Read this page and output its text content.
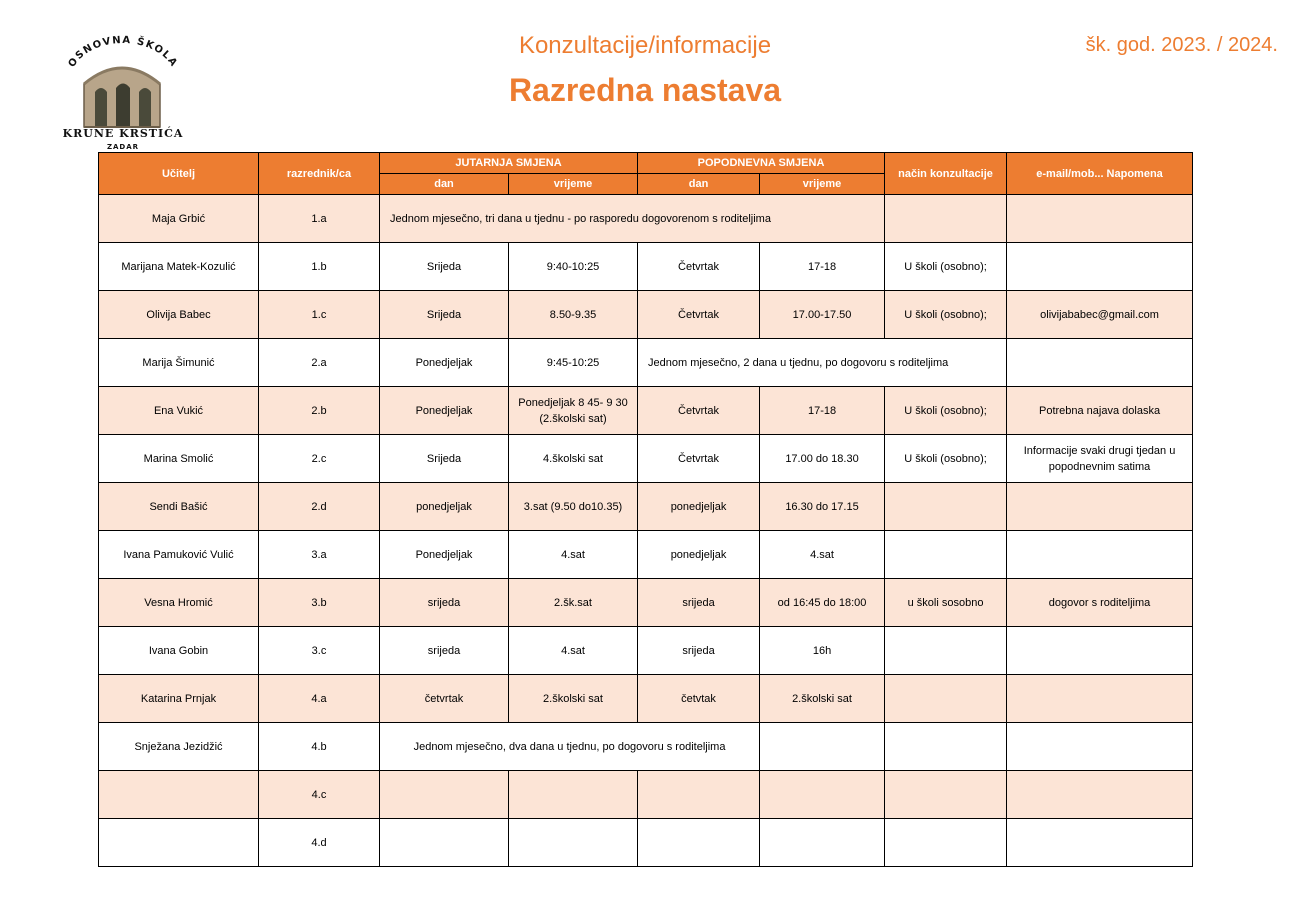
OSNOVNA ŠKOLA
KRUNE KRSTIĆA
ZADAR
Konzultacije/informacije
Razredna nastava
šk. god. 2023. / 2024.
Učitelj	razrednik/ca	JUTARNJA SMJENA		POPODNEVNA SMJENA		način konzultacije	e-mail/mob... Napomena
		dan	vrijeme	dan	vrijeme		
Maja Grbić	1.a	Jednom mjesečno, tri dana u tjednu - po rasporedu dogovorenom s roditeljima					
Marijana Matek-Kozulić	1.b	Srijeda	9:40-10:25	Četvrtak	17-18	U školi (osobno);	
Olivija Babec	1.c	Srijeda	8.50-9.35	Četvrtak	17.00-17.50	U školi (osobno);	olivijababec@gmail.com
Marija Šimunić	2.a	Ponedjeljak	9:45-10:25	Jednom mjesečno, 2 dana u tjednu, po dogovoru s roditeljima			
Ena Vukić	2.b	Ponedjeljak	Ponedjeljak 8 45- 9 30 (2.školski sat)	Četvrtak	17-18	U školi (osobno);	Potrebna najava dolaska
Marina Smolić	2.c	Srijeda	4.školski sat	Četvrtak	17.00 do 18.30	U školi (osobno);	Informacije svaki drugi tjedan u popodnevnim satima
Sendi Bašić	2.d	ponedjeljak	3.sat (9.50 do10.35)	ponedjeljak	16.30 do 17.15		
Ivana Pamuković Vulić	3.a	Ponedjeljak	4.sat	ponedjeljak	4.sat		
Vesna Hromić	3.b	srijeda	2.šk.sat	srijeda	od 16:45 do 18:00	u školi sosobno	dogovor s roditeljima
Ivana Gobin	3.c	srijeda	4.sat	srijeda	16h		
Katarina Prnjak	4.a	četvrtak	2.školski sat	četvtak	2.školski sat		
Snježana Jezidžić	4.b	Jednom mjesečno, dva dana u tjednu, po dogovoru s roditeljima					
	4.c						
	4.d						
